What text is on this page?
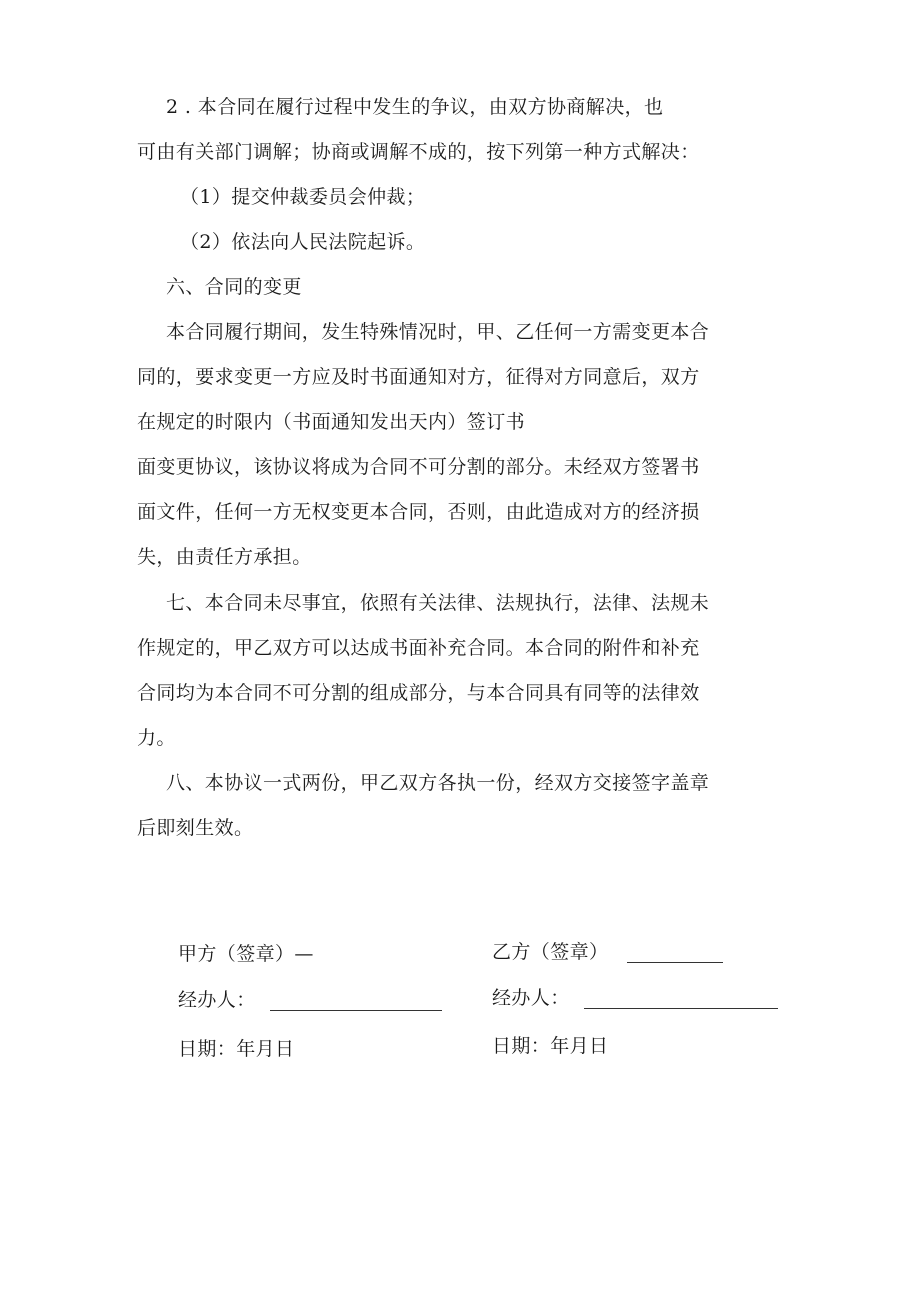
2 . 本合同在履行过程中发生的争议，由双方协商解决，也
可由有关部门调解；协商或调解不成的，按下列第一种方式解决：
（1）提交仲裁委员会仲裁；
（2）依法向人民法院起诉。
六、合同的变更
本合同履行期间，发生特殊情况时，甲、乙任何一方需变更本合
同的，要求变更一方应及时书面通知对方，征得对方同意后，双方
在规定的时限内（书面通知发出天内）签订书
面变更协议，该协议将成为合同不可分割的部分。未经双方签署书
面文件，任何一方无权变更本合同，否则，由此造成对方的经济损
失，由责任方承担。
七、本合同未尽事宜，依照有关法律、法规执行，法律、法规未
作规定的，甲乙双方可以达成书面补充合同。本合同的附件和补充
合同均为本合同不可分割的组成部分，与本合同具有同等的法律效
力。
八、本协议一式两份，甲乙双方各执一份，经双方交接签字盖章
后即刻生效。
甲方（签章）—
经办人：
日期：年月日
乙方（签章）
经办人：
日期：年月日
